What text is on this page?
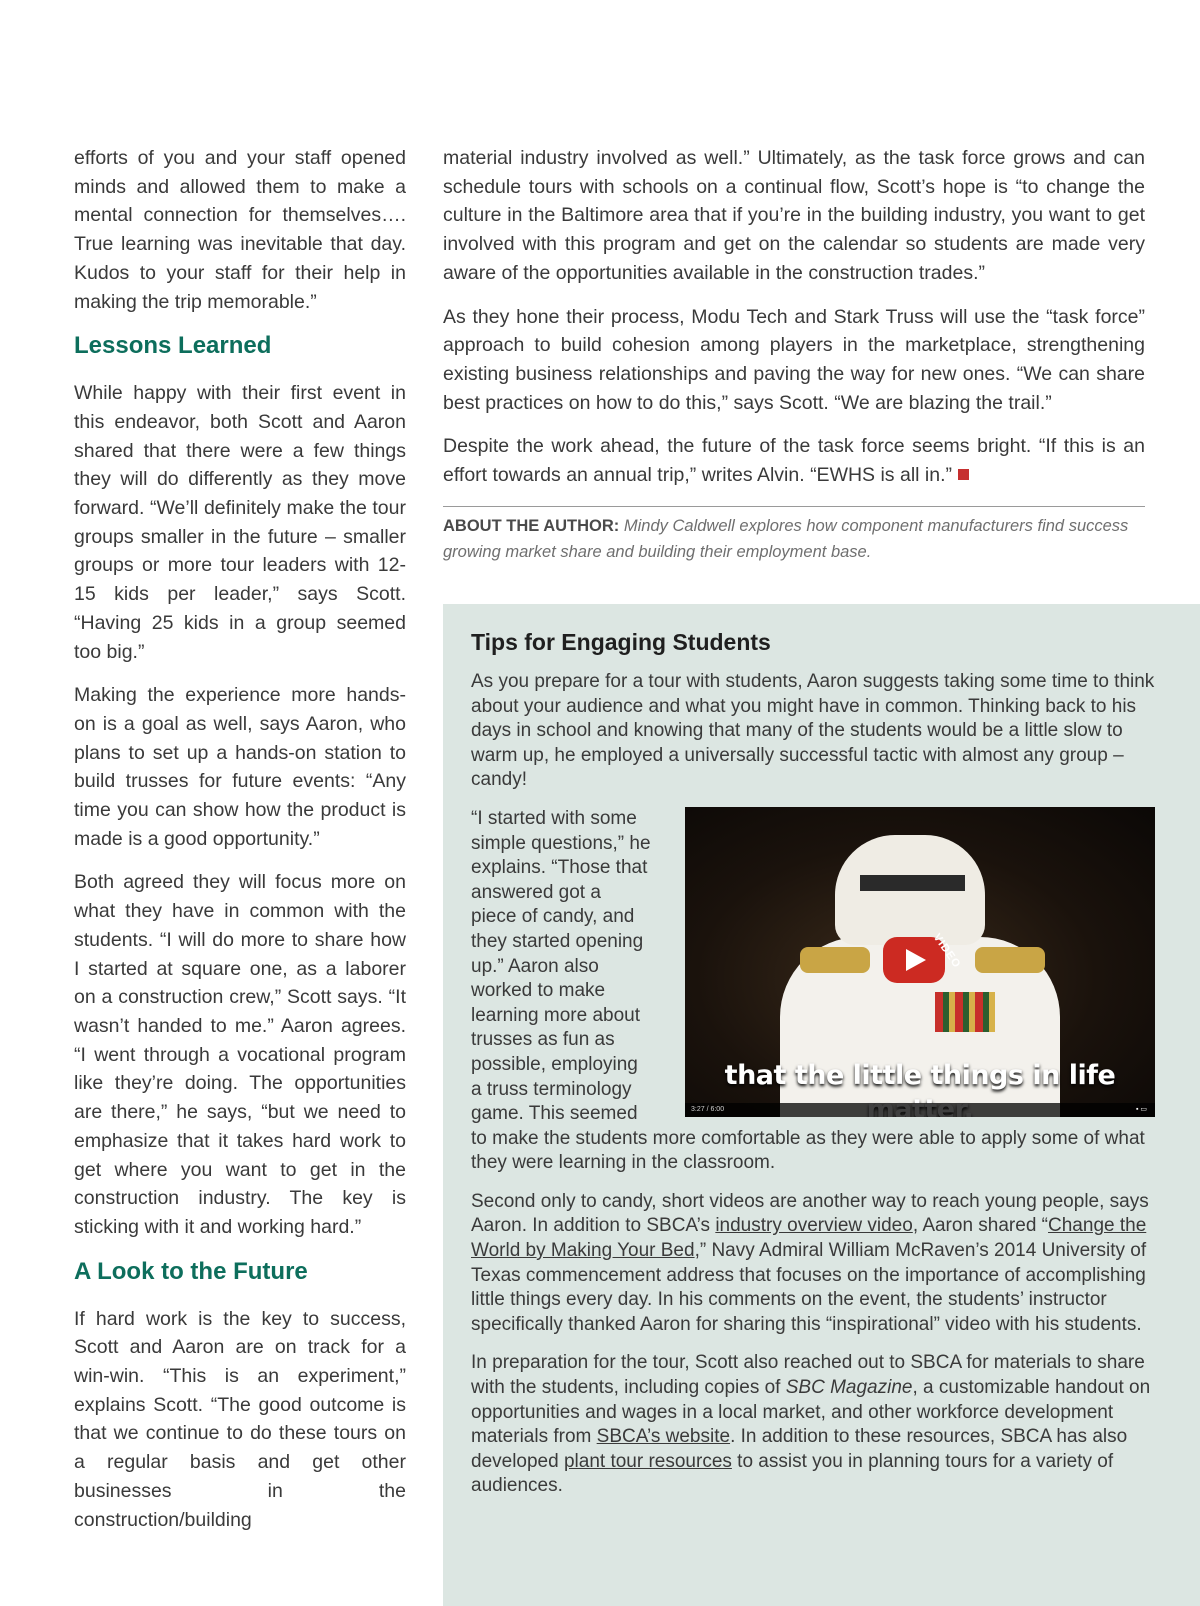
efforts of you and your staff opened minds and allowed them to make a mental connection for themselves…. True learning was inevitable that day. Kudos to your staff for their help in making the trip memorable.”

Lessons Learned

While happy with their first event in this endeavor, both Scott and Aaron shared that there were a few things they will do differently as they move forward. “We’ll definitely make the tour groups smaller in the future – smaller groups or more tour leaders with 12-15 kids per leader,” says Scott. “Having 25 kids in a group seemed too big.”

Making the experience more hands-on is a goal as well, says Aaron, who plans to set up a hands-on station to build trusses for future events: “Any time you can show how the product is made is a good opportunity.”

Both agreed they will focus more on what they have in common with the students. “I will do more to share how I started at square one, as a laborer on a construction crew,” Scott says. “It wasn’t handed to me.” Aaron agrees. “I went through a vocational program like they’re doing. The opportunities are there,” he says, “but we need to emphasize that it takes hard work to get where you want to get in the construction industry. The key is sticking with it and working hard.”

A Look to the Future

If hard work is the key to success, Scott and Aaron are on track for a win-win. “This is an experiment,” explains Scott. “The good outcome is that we continue to do these tours on a regular basis and get other businesses in the construction/building

material industry involved as well.” Ultimately, as the task force grows and can schedule tours with schools on a continual flow, Scott’s hope is “to change the culture in the Baltimore area that if you’re in the building industry, you want to get involved with this program and get on the calendar so students are made very aware of the opportunities available in the construction trades.”

As they hone their process, Modu Tech and Stark Truss will use the “task force” approach to build cohesion among players in the marketplace, strengthening existing business relationships and paving the way for new ones. “We can share best practices on how to do this,” says Scott. “We are blazing the trail.”

Despite the work ahead, the future of the task force seems bright. “If this is an effort towards an annual trip,” writes Alvin. “EWHS is all in.”

ABOUT THE AUTHOR: Mindy Caldwell explores how component manufacturers find success growing market share and building their employment base.
Tips for Engaging Students

As you prepare for a tour with students, Aaron suggests taking some time to think about your audience and what you might have in common. Thinking back to his days in school and knowing that many of the students would be a little slow to warm up, he employed a universally successful tactic with almost any group – candy!

VIDEO
that the little things in life
3:27 / 6:00	▪ ▭

“I started with some simple questions,” he explains. “Those that answered got a piece of candy, and they started opening up.” Aaron also worked to make learning more about trusses as fun as possible, employing a truss terminology game. This seemed to make the students more comfortable as they were able to apply some of what they were learning in the classroom.

Second only to candy, short videos are another way to reach young people, says Aaron. In addition to SBCA’s industry overview video, Aaron shared “Change the World by Making Your Bed,” Navy Admiral William McRaven’s 2014 University of Texas commencement address that focuses on the importance of accomplishing little things every day. In his comments on the event, the students’ instructor specifically thanked Aaron for sharing this “inspirational” video with his students.

In preparation for the tour, Scott also reached out to SBCA for materials to share with the students, including copies of SBC Magazine, a customizable handout on opportunities and wages in a local market, and other workforce development materials from SBCA’s website. In addition to these resources, SBCA has also developed plant tour resources to assist you in planning tours for a variety of audiences.
